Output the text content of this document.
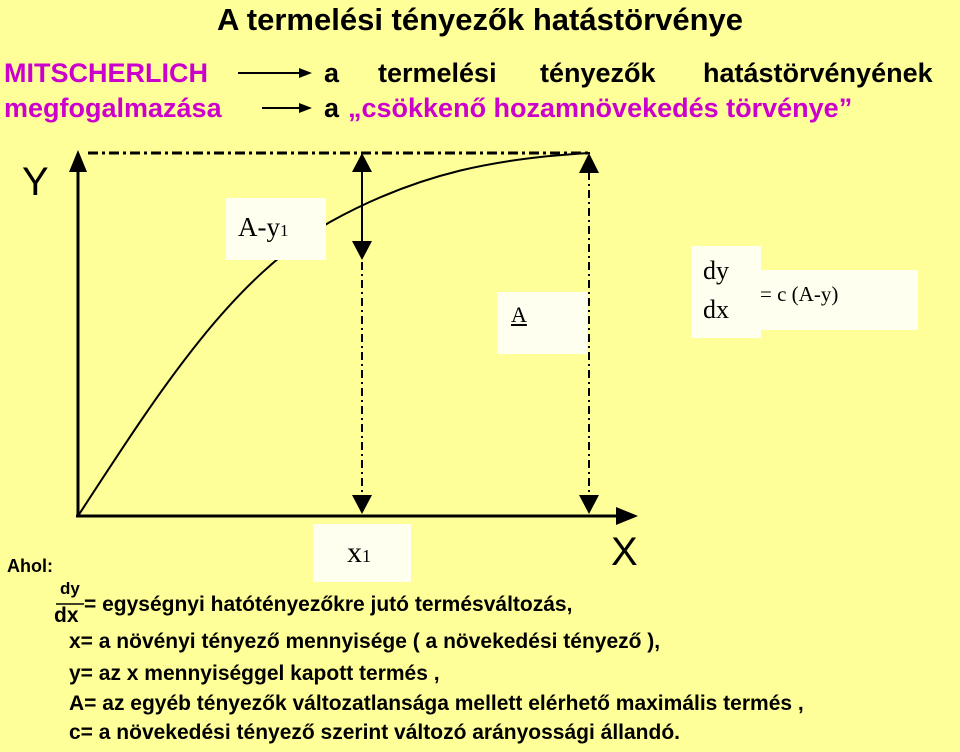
A termelési tényezők hatástörvénye
MITSCHERLICH
megfogalmazása
a termelési tényezők hatástörvényének
a „csökkenő hozamnövekedés törvénye”
Y
X
A-y1
A
x1
dy
dx
= c (A-y)
Ahol:
dy
dx = egységnyi hatótényezőkre jutó termésváltozás,
x= a növényi tényező mennyisége ( a növekedési tényező ),
y= az x mennyiséggel kapott termés ,
A= az egyéb tényezők változatlansága mellett elérhető maximális termés ,
c= a növekedési tényező szerint változó arányossági állandó.
